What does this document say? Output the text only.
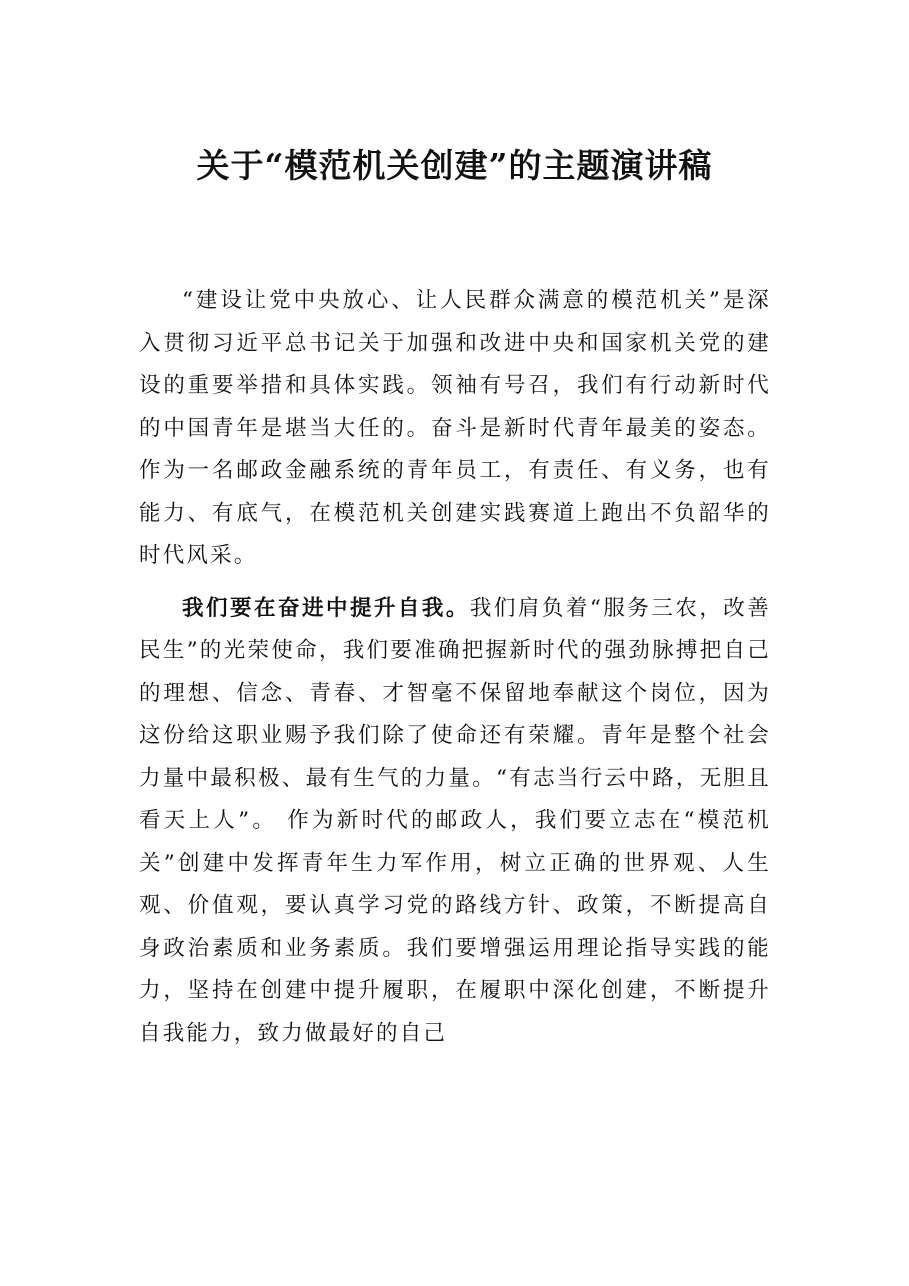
关于“模范机关创建”的主题演讲稿

“建设让党中央放心、让人民群众满意的模范机关”是深入贯彻习近平总书记关于加强和改进中央和国家机关党的建设的重要举措和具体实践。领袖有号召，我们有行动新时代的中国青年是堪当大任的。奋斗是新时代青年最美的姿态。作为一名邮政金融系统的青年员工，有责任、有义务，也有能力、有底气，在模范机关创建实践赛道上跑出不负韶华的时代风采。

我们要在奋进中提升自我。我们肩负着“服务三农，改善民生”的光荣使命，我们要准确把握新时代的强劲脉搏把自己的理想、信念、青春、才智毫不保留地奉献这个岗位，因为这份给这职业赐予我们除了使命还有荣耀。青年是整个社会力量中最积极、最有生气的力量。“有志当行云中路，无胆且看天上人”。 作为新时代的邮政人，我们要立志在“模范机关”创建中发挥青年生力军作用，树立正确的世界观、人生观、价值观，要认真学习党的路线方针、政策，不断提高自身政治素质和业务素质。我们要增强运用理论指导实践的能力，坚持在创建中提升履职，在履职中深化创建，不断提升自我能力，致力做最好的自己
